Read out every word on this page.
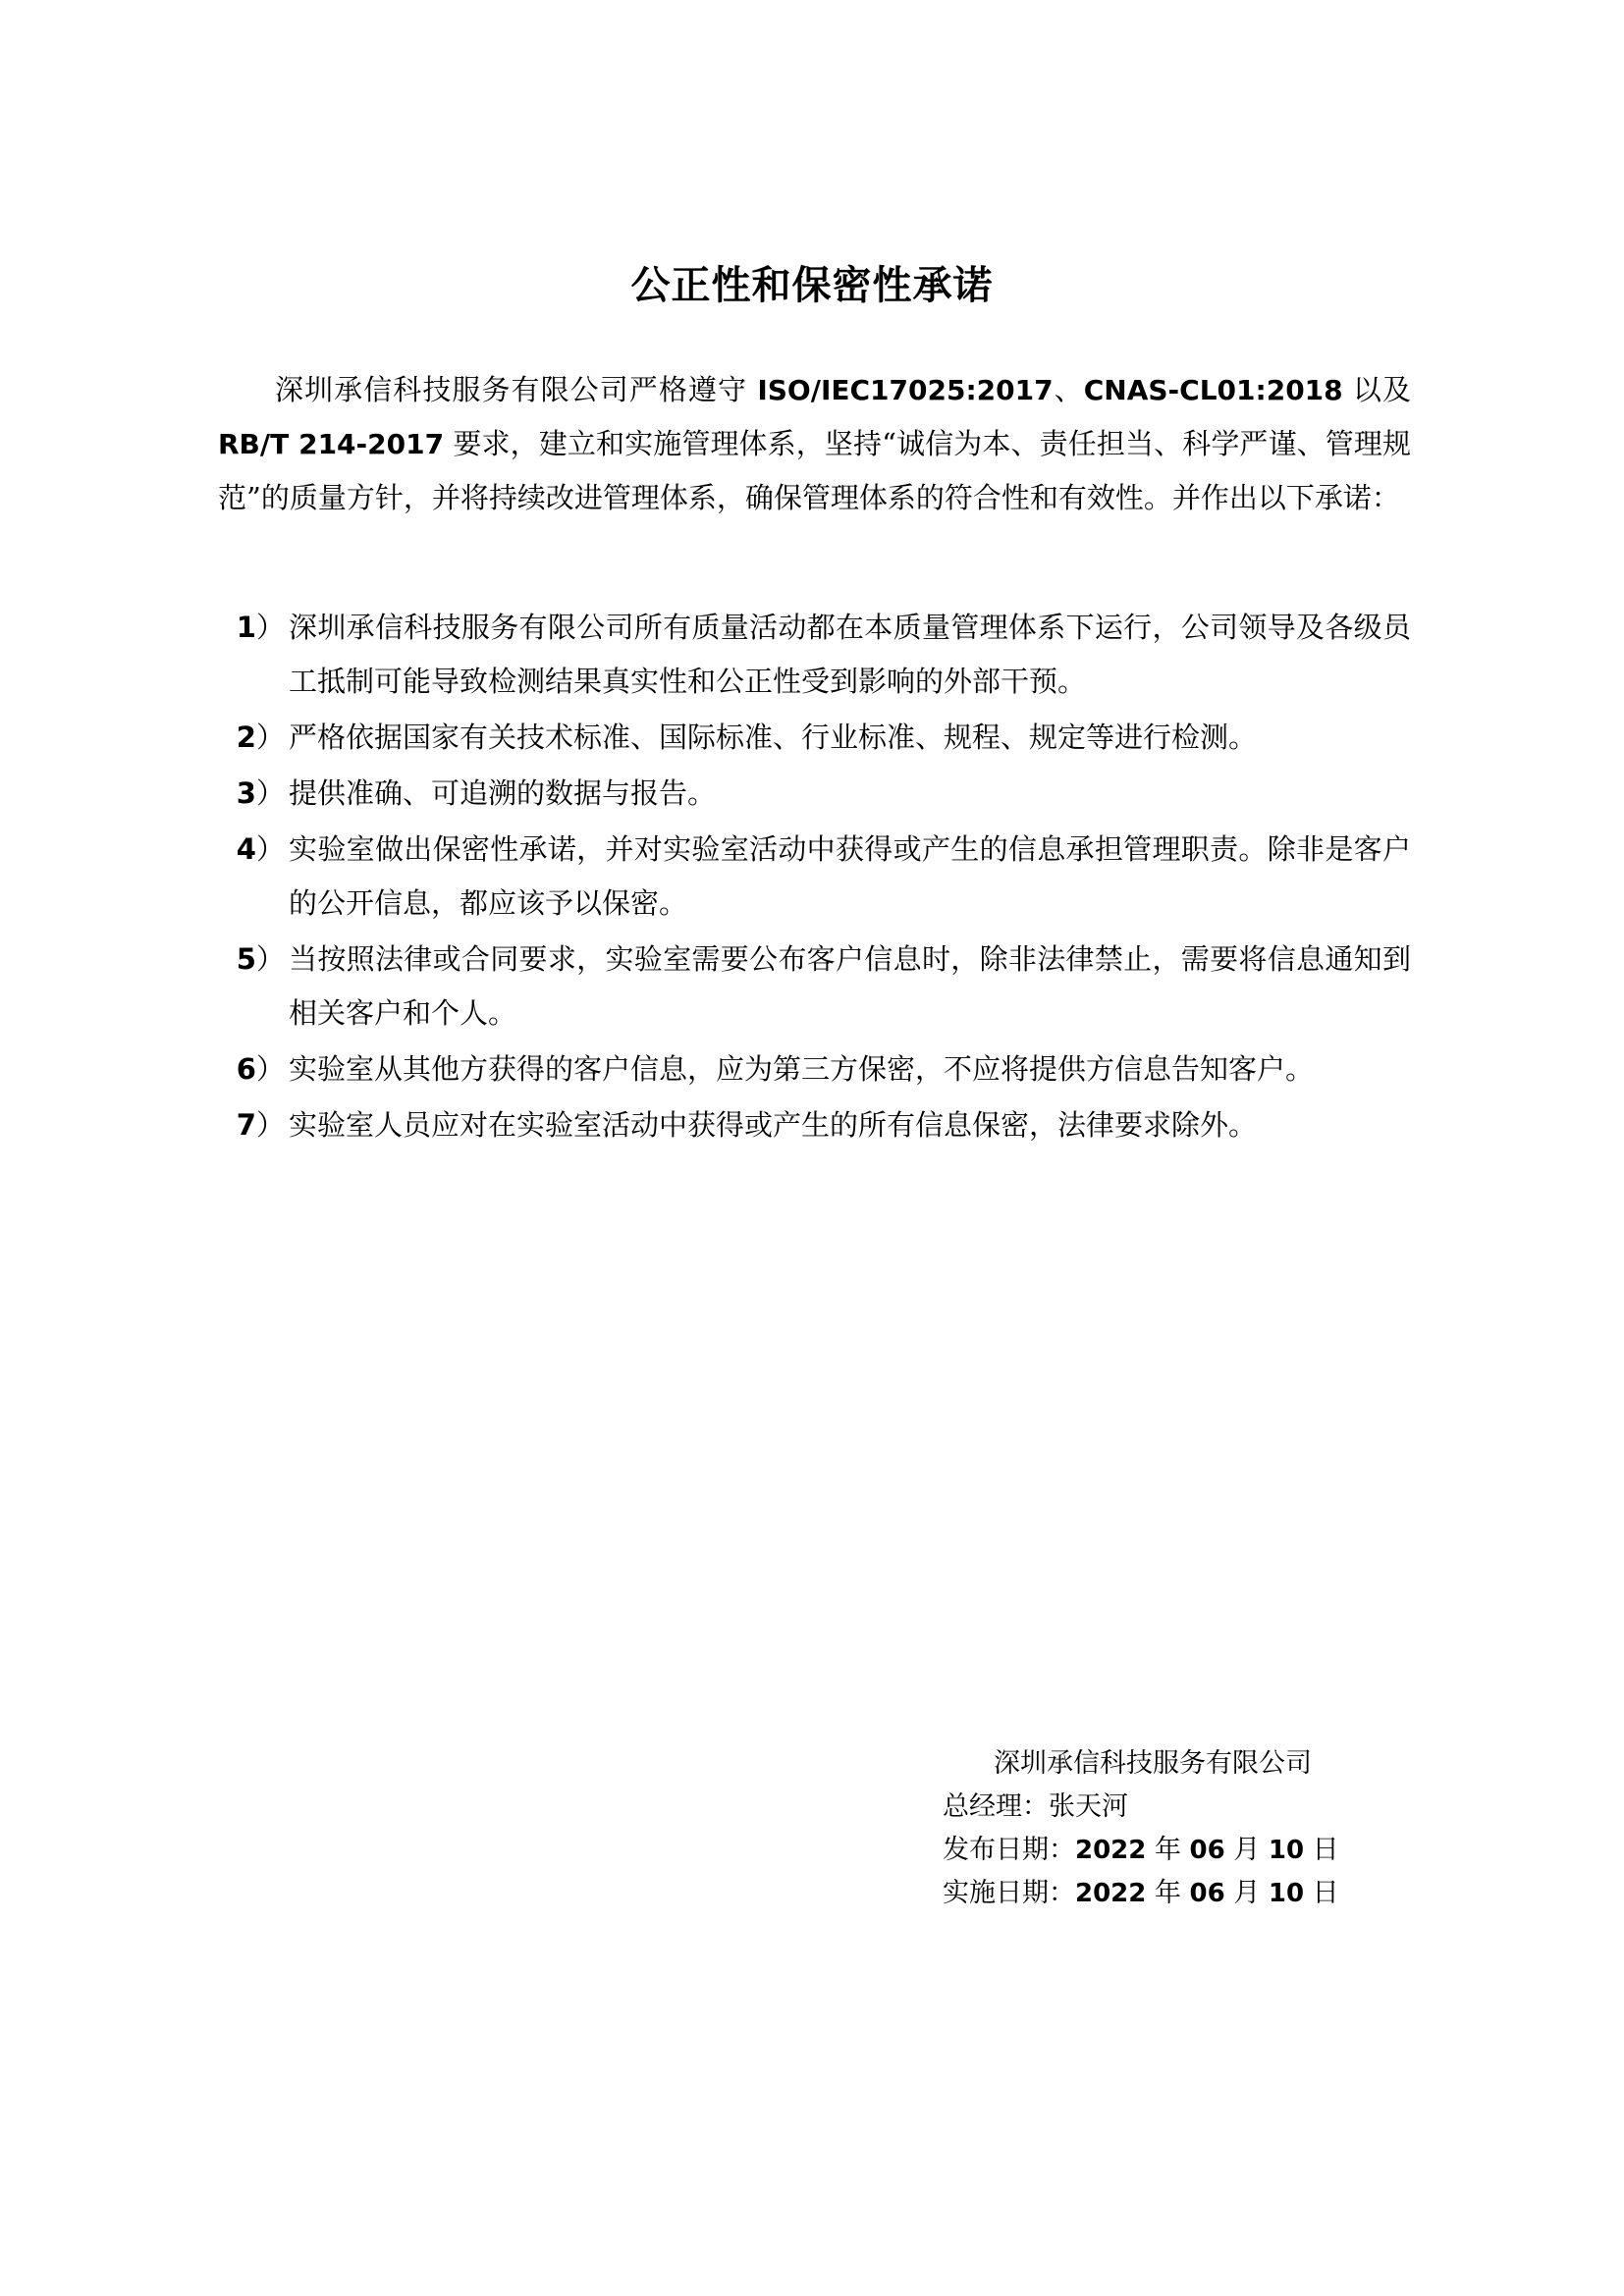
公正性和保密性承诺

深圳承信科技服务有限公司严格遵守 ISO/IEC17025:2017、CNAS-CL01:2018 以及 RB/T 214-2017 要求，建立和实施管理体系，坚持“诚信为本、责任担当、科学严谨、管理规范”的质量方针，并将持续改进管理体系，确保管理体系的符合性和有效性。并作出以下承诺：

1） 深圳承信科技服务有限公司所有质量活动都在本质量管理体系下运行，公司领导及各级员工抵制可能导致检测结果真实性和公正性受到影响的外部干预。
2） 严格依据国家有关技术标准、国际标准、行业标准、规程、规定等进行检测。
3） 提供准确、可追溯的数据与报告。
4） 实验室做出保密性承诺，并对实验室活动中获得或产生的信息承担管理职责。除非是客户的公开信息，都应该予以保密。
5） 当按照法律或合同要求，实验室需要公布客户信息时，除非法律禁止，需要将信息通知到相关客户和个人。
6） 实验室从其他方获得的客户信息，应为第三方保密，不应将提供方信息告知客户。
7） 实验室人员应对在实验室活动中获得或产生的所有信息保密，法律要求除外。
深圳承信科技服务有限公司
总经理：张天河
发布日期：2022 年 06 月 10 日
实施日期：2022 年 06 月 10 日
